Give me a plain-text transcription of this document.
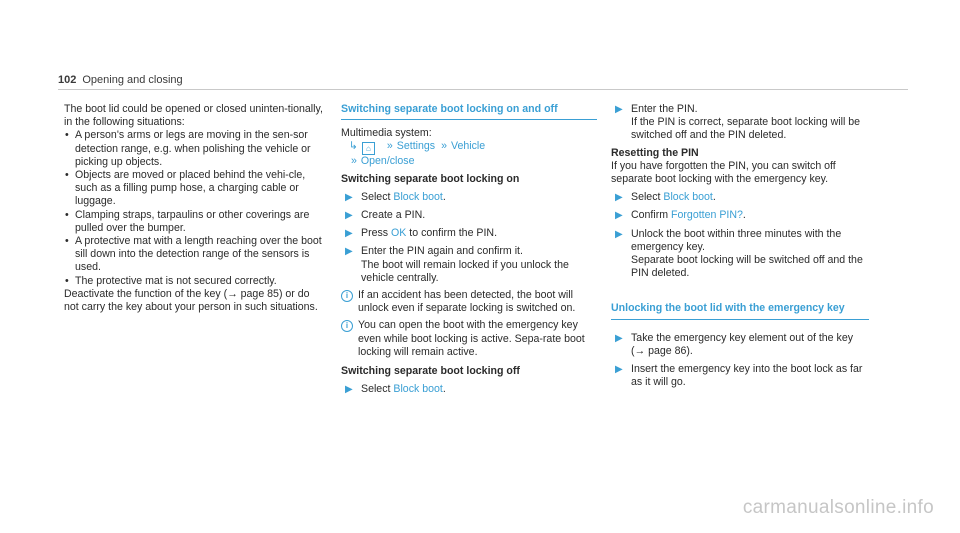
102 Opening and closing

The boot lid could be opened or closed uninten-tionally, in the following situations:

• A person's arms or legs are moving in the sen-sor detection range, e.g. when polishing the vehicle or picking up objects.
• Objects are moved or placed behind the vehi-cle, such as a filling pump hose, a charging cable or luggage.
• Clamping straps, tarpaulins or other coverings are pulled over the bumper.
• A protective mat with a length reaching over the boot sill down into the detection range of the sensors is used.
• The protective mat is not secured correctly.

Deactivate the function of the key (→ page 85) or do not carry the key about your person in such situations.

Switching separate boot locking on and off

Multimedia system:

↳ ⌂ » Settings » Vehicle
» Open/close
Switching separate boot locking on
▶ Select Block boot.
▶ Create a PIN.
▶ Press OK to confirm the PIN.
▶ Enter the PIN again and confirm it.

The boot will remain locked if you unlock the vehicle centrally.

i If an accident has been detected, the boot will unlock even if separate locking is switched on.

i You can open the boot with the emergency key even while boot locking is active. Sepa-rate boot locking will remain active.

Switching separate boot locking off
▶ Select Block boot.
▶ Enter the PIN.

If the PIN is correct, separate boot locking will be switched off and the PIN deleted.

Resetting the PIN

If you have forgotten the PIN, you can switch off separate boot locking with the emergency key.

▶ Select Block boot.
▶ Confirm Forgotten PIN?.
▶ Unlock the boot within three minutes with the emergency key.

Separate boot locking will be switched off and the PIN deleted.

Unlocking the boot lid with the emergency key
▶ Take the emergency key element out of the key (→ page 86).

▶ Insert the emergency key into the boot lock as far as it will go.

carmanualsonline.info
